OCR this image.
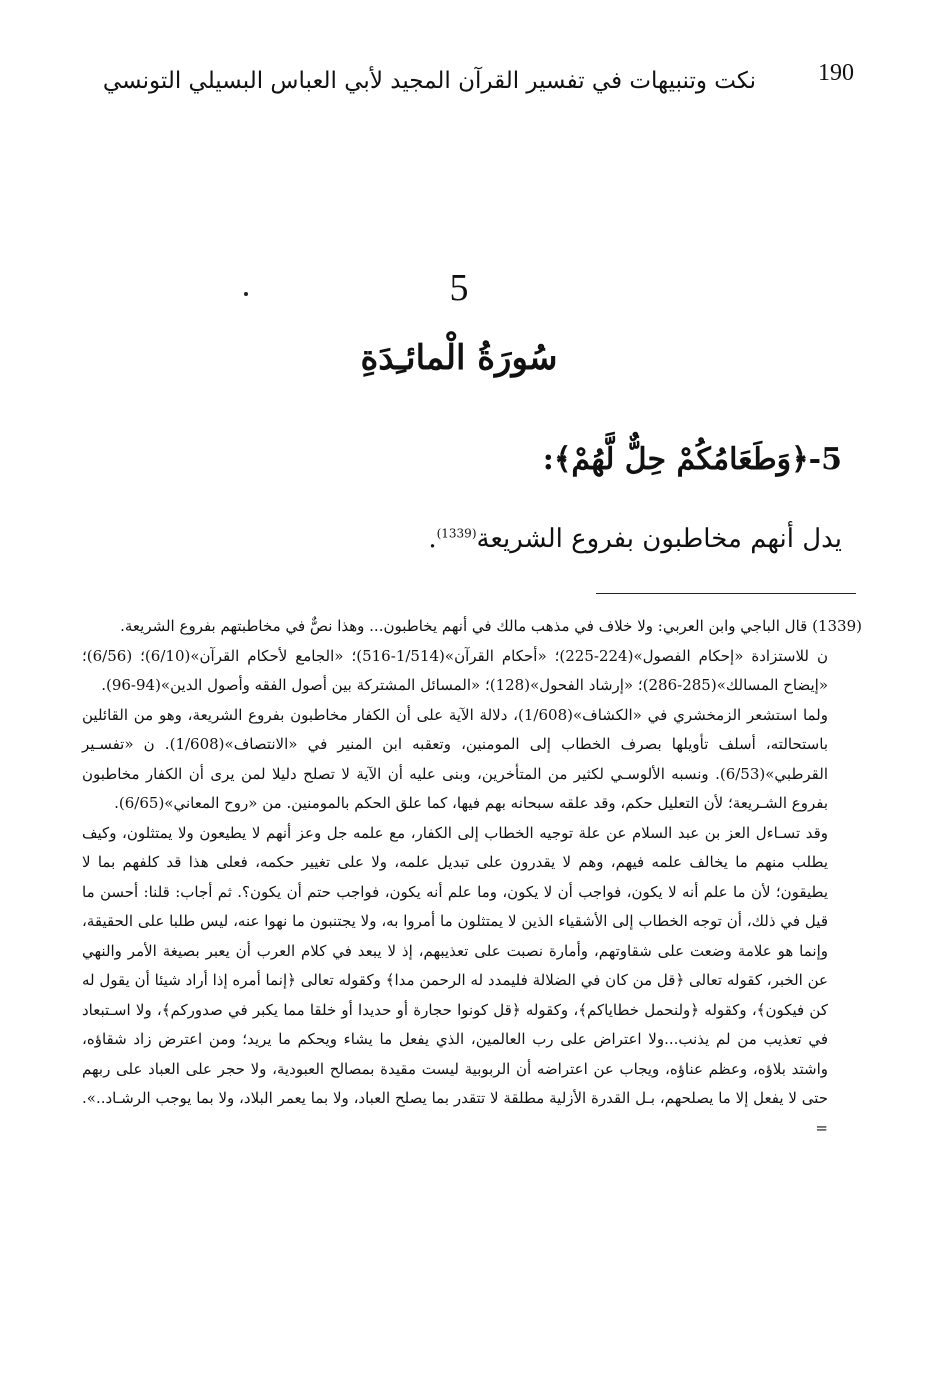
190
نكت وتنبيهات في تفسير القرآن المجيد لأبي العباس البسيلي التونسي
5
سُورَةُ الْمائـِدَةِ
5-﴿وَطَعَامُكُمْ حِلٌّ لَّهُمْ﴾:
يدل أنهم مخاطبون بفروع الشريعة$^{(1339)}$.

(1339) قال الباجي وابن العربي: ولا خلاف في مذهب مالك في أنهم يخاطبون... وهذا نصٌّ في مخاطبتهم بفروع الشريعة.

ن للاستزادة «إحكام الفصول»(224-225)؛ «أحكام القرآن»(1/514-516)؛ «الجامع لأحكام القرآن»(6/10)؛ (6/56)؛ «إيضاح المسالك»(285-286)؛ «إرشاد الفحول»(128)؛ «المسائل المشتركة بين أصول الفقه وأصول الدين»(94-96).

ولما استشعر الزمخشري في «الكشاف»(1/608)، دلالة الآية على أن الكفار مخاطبون بفروع الشريعة، وهو من القائلين باستحالته، أسلف تأويلها بصرف الخطاب إلى المومنين، وتعقبه ابن المنير في «الانتصاف»(1/608). ن «تفسـير القرطبي»(6/53). ونسبه الألوسـي لكثير من المتأخرين، وبنى عليه أن الآية لا تصلح دليلا لمن يرى أن الكفار مخاطبون بفروع الشـريعة؛ لأن التعليل حكم، وقد علقه سبحانه بهم فيها، كما علق الحكم بالمومنين. من «روح المعاني»(6/65).

وقد تسـاءل العز بن عبد السلام عن علة توجيه الخطاب إلى الكفار، مع علمه جل وعز أنهم لا يطيعون ولا يمتثلون، وكيف يطلب منهم ما يخالف علمه فيهم، وهم لا يقدرون على تبديل علمه، ولا على تغيير حكمه، فعلى هذا قد كلفهم بما لا يطيقون؛ لأن ما علم أنه لا يكون، فواجب أن لا يكون، وما علم أنه يكون، فواجب حتم أن يكون؟. ثم أجاب: قلنا: أحسن ما قيل في ذلك، أن توجه الخطاب إلى الأشقياء الذين لا يمتثلون ما أمروا به، ولا يجتنبون ما نهوا عنه، ليس طلبا على الحقيقة، وإنما هو علامة وضعت على شقاوتهم، وأمارة نصبت على تعذيبهم، إذ لا يبعد في كلام العرب أن يعبر بصيغة الأمر والنهي عن الخبر، كقوله تعالى ﴿قل من كان في الضلالة فليمدد له الرحمن مدا﴾ وكقوله تعالى ﴿إنما أمره إذا أراد شيئا أن يقول له كن فيكون﴾، وكقوله ﴿ولنحمل خطاياكم﴾، وكقوله ﴿قل كونوا حجارة أو حديدا أو خلقا مما يكبر في صدوركم﴾، ولا اسـتبعاد في تعذيب من لم يذنب...ولا اعتراض على رب العالمين، الذي يفعل ما يشاء ويحكم ما يريد؛ ومن اعترض زاد شقاؤه، واشتد بلاؤه، وعظم عناؤه، ويجاب عن اعتراضه أن الربوبية ليست مقيدة بمصالح العبودية، ولا حجر على العباد على ربهم حتى لا يفعل إلا ما يصلحهم، بـل القدرة الأزلية مطلقة لا تتقدر بما يصلح العباد، ولا بما يعمر البلاد، ولا بما يوجب الرشـاد..». =
